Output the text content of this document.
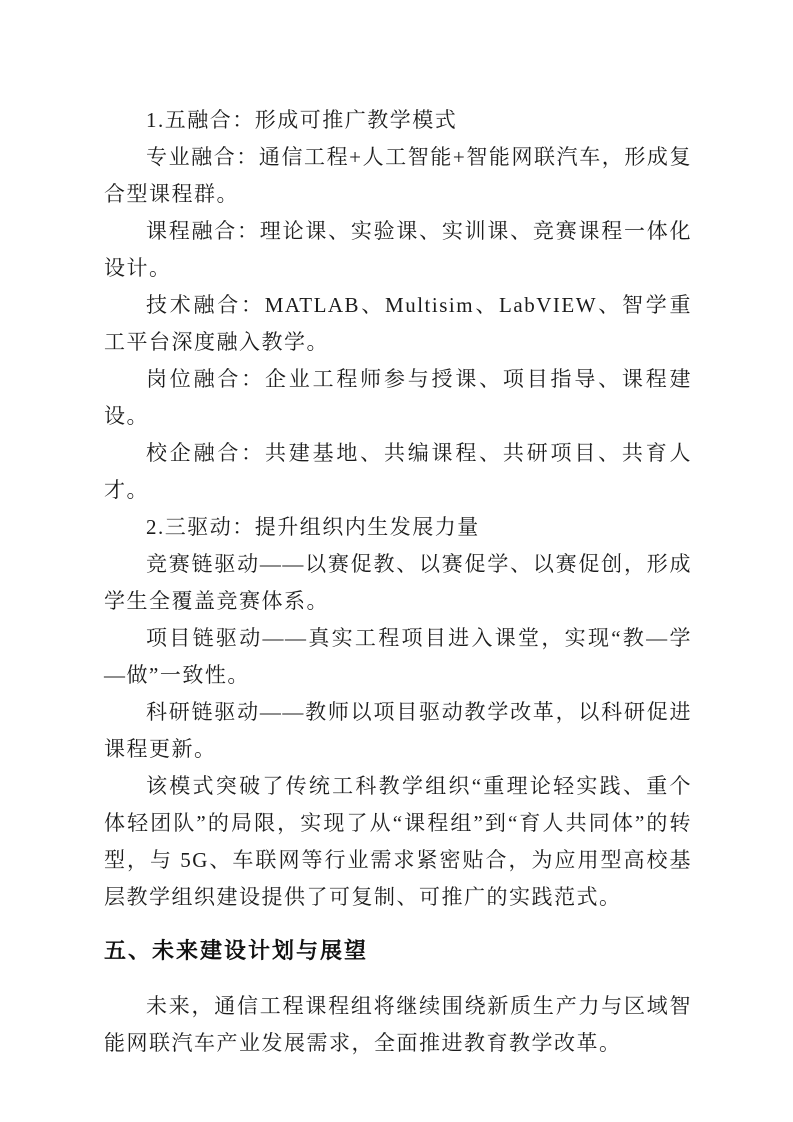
1.五融合：形成可推广教学模式

专业融合：通信工程+人工智能+智能网联汽车，形成复合型课程群。

课程融合：理论课、实验课、实训课、竞赛课程一体化设计。

技术融合：MATLAB、Multisim、LabVIEW、智学重工平台深度融入教学。

岗位融合：企业工程师参与授课、项目指导、课程建设。

校企融合：共建基地、共编课程、共研项目、共育人才。

2.三驱动：提升组织内生发展力量

竞赛链驱动——以赛促教、以赛促学、以赛促创，形成学生全覆盖竞赛体系。

项目链驱动——真实工程项目进入课堂，实现“教—学—做”一致性。

科研链驱动——教师以项目驱动教学改革，以科研促进课程更新。

该模式突破了传统工科教学组织“重理论轻实践、重个体轻团队”的局限，实现了从“课程组”到“育人共同体”的转型，与 5G、车联网等行业需求紧密贴合，为应用型高校基层教学组织建设提供了可复制、可推广的实践范式。

五、未来建设计划与展望

未来，通信工程课程组将继续围绕新质生产力与区域智能网联汽车产业发展需求，全面推进教育教学改革。
